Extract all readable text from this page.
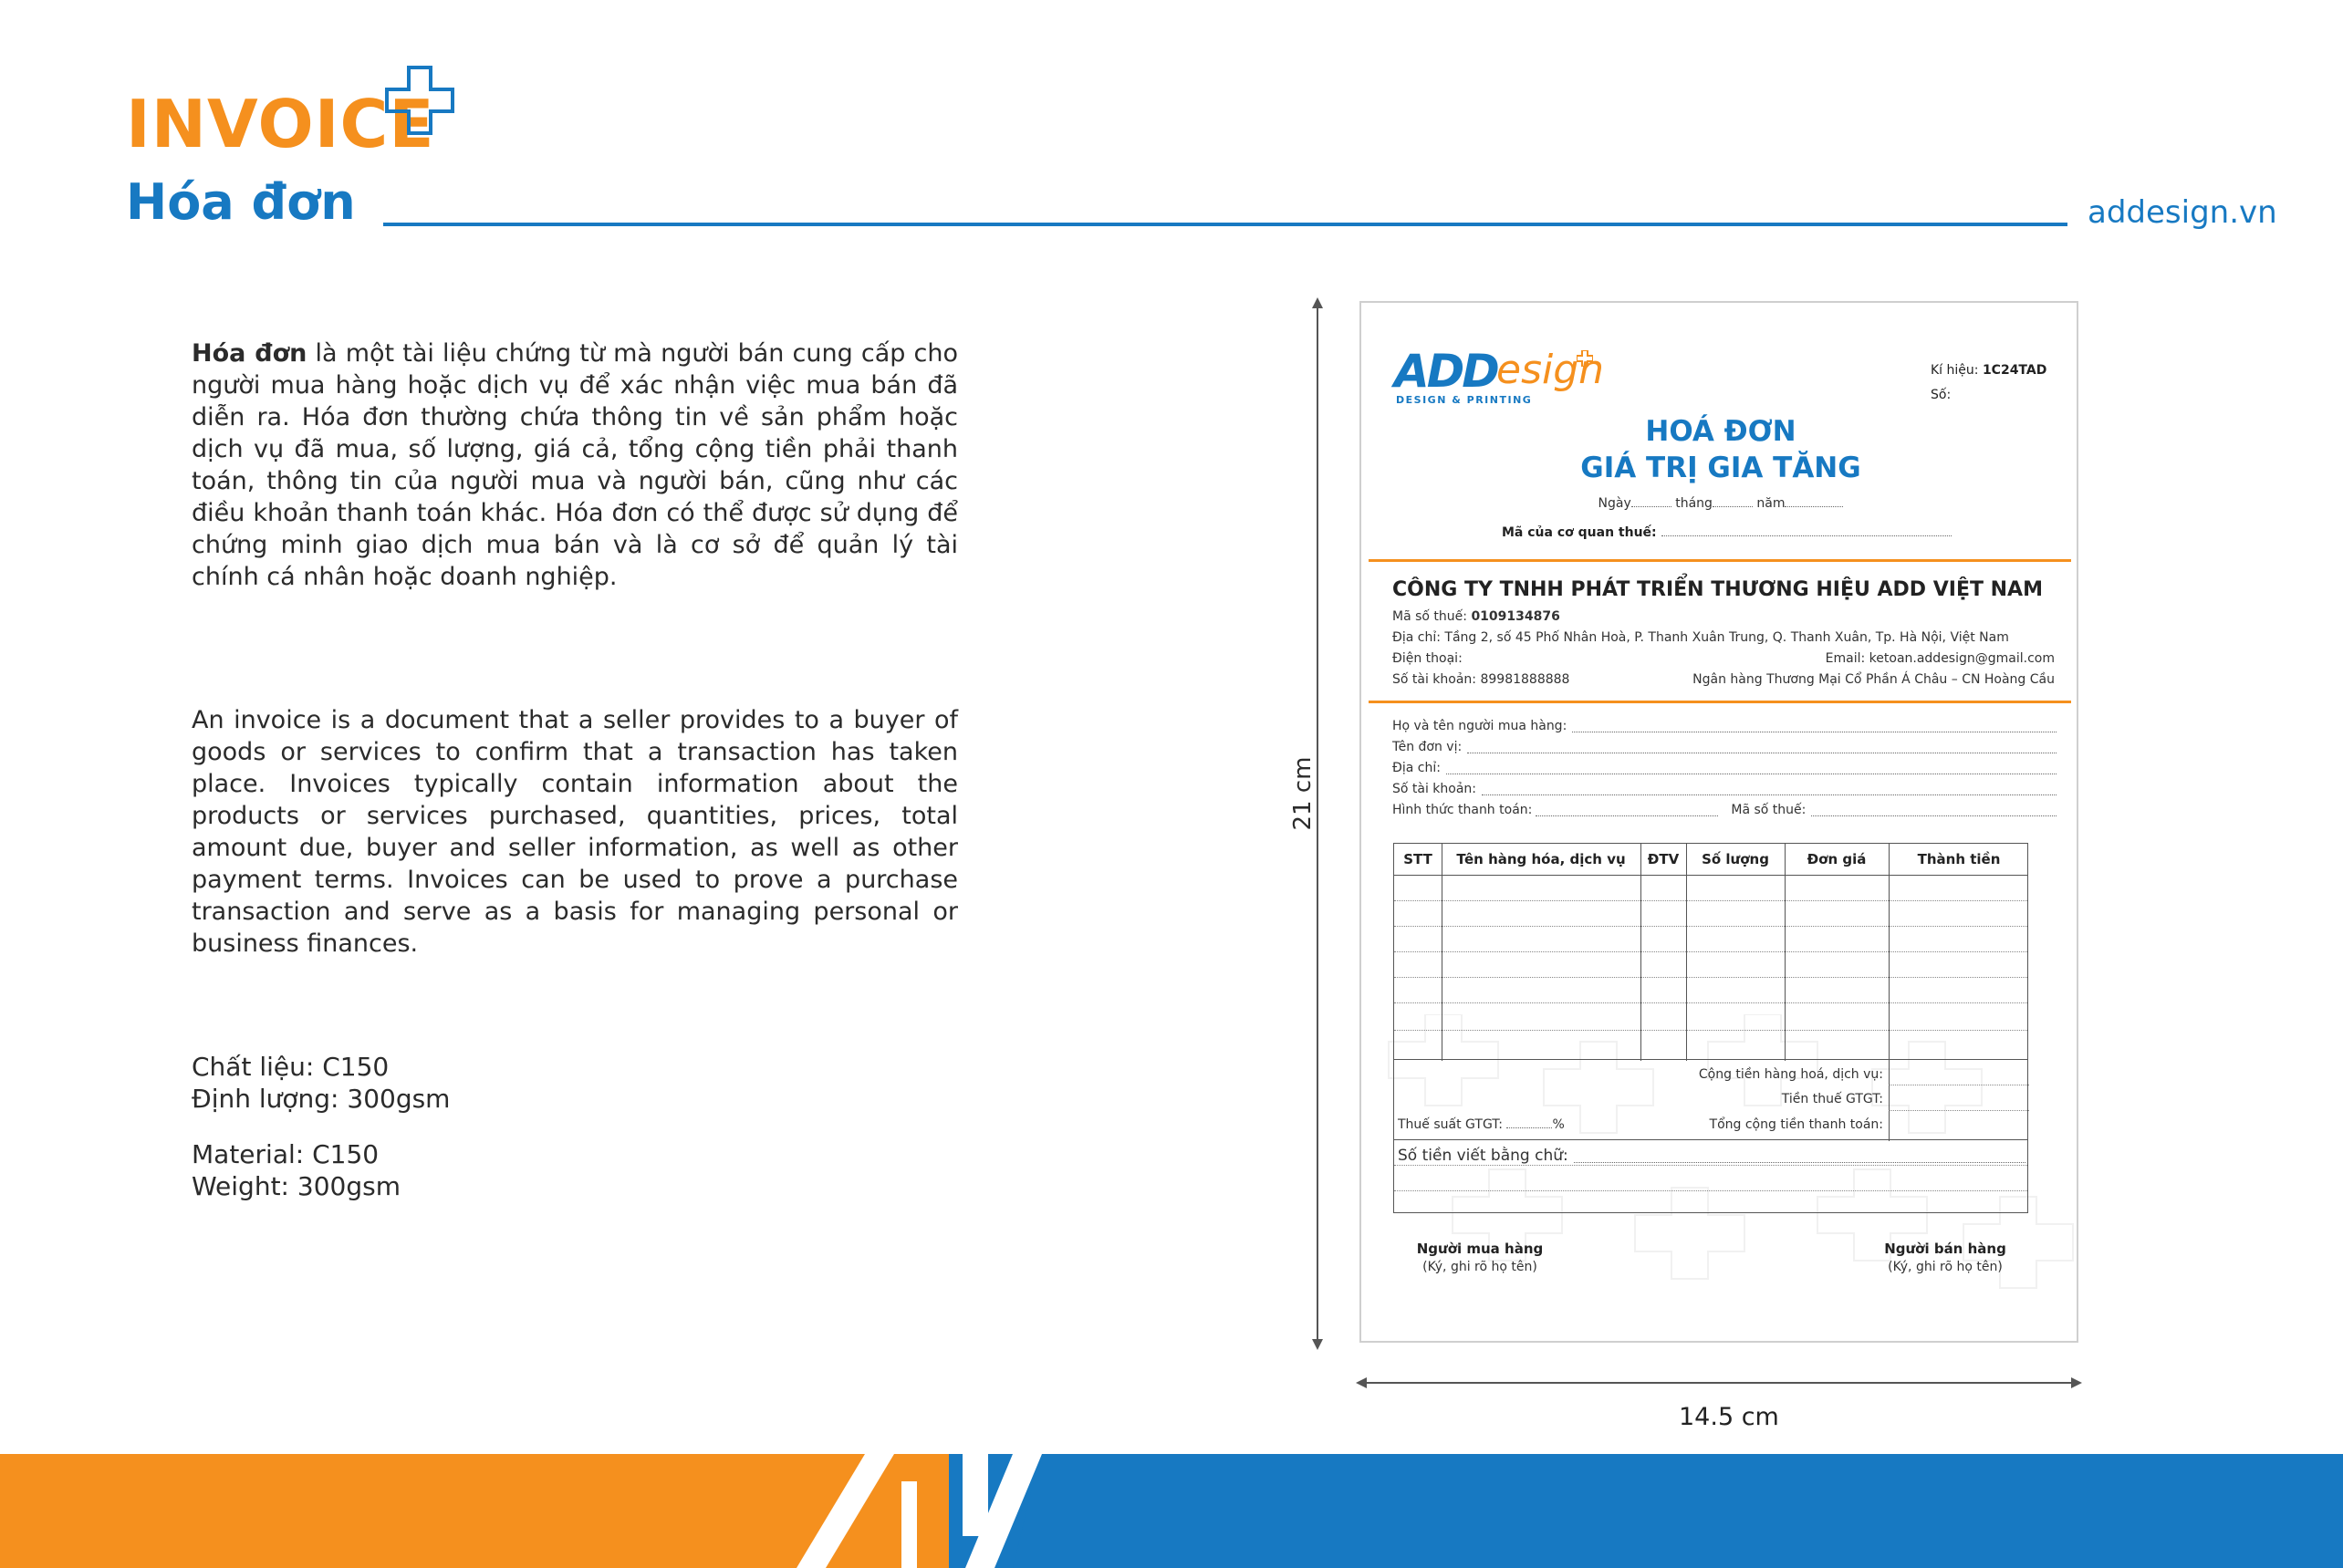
INVOICE
Hóa đơn	addesign.vn
Hóa đơn là một tài liệu chứng từ mà người bán cung cấp cho người mua hàng hoặc dịch vụ để xác nhận việc mua bán đã diễn ra. Hóa đơn thường chứa thông tin về sản phẩm hoặc dịch vụ đã mua, số lượng, giá cả, tổng cộng tiền phải thanh toán, thông tin của người mua và người bán, cũng như các điều khoản thanh toán khác. Hóa đơn có thể được sử dụng để chứng minh giao dịch mua bán và là cơ sở để quản lý tài chính cá nhân hoặc doanh nghiệp.
An invoice is a document that a seller provides to a buyer of goods or services to confirm that a transaction has taken place. Invoices typically contain information about the products or services purchased, quantities, prices, total amount due, buyer and seller information, as well as other payment terms. Invoices can be used to prove a purchase transaction and serve as a basis for managing personal or business finances.
Chất liệu: C150
Định lượng: 300gsm
Material: C150
Weight: 300gsm
21 cm
14.5 cm
ADD esign
DESIGN & PRINTING
Kí hiệu: 1C24TAD
Số:
HOÁ ĐƠN
GIÁ TRỊ GIA TĂNG
Ngày	tháng	năm
Mã của cơ quan thuế:
CÔNG TY TNHH PHÁT TRIỂN THƯƠNG HIỆU ADD VIỆT NAM
Mã số thuế: 0109134876
Địa chỉ: Tầng 2, số 45 Phố Nhân Hoà, P. Thanh Xuân Trung, Q. Thanh Xuân, Tp. Hà Nội, Việt Nam
Điện thoại:	Email: ketoan.addesign@gmail.com
Số tài khoản: 89981888888	Ngân hàng Thương Mại Cổ Phần Á Châu – CN Hoàng Cầu
Họ và tên người mua hàng:
Tên đơn vị:
Địa chỉ:
Số tài khoản:
Hình thức thanh toán:	Mã số thuế:
STT	Tên hàng hóa, dịch vụ	ĐTV	Số lượng	Đơn giá	Thành tiền
Cộng tiền hàng hoá, dịch vụ:
Tiền thuế GTGT:
Thuế suất GTGT:	%	Tổng cộng tiền thanh toán:
Số tiền viết bằng chữ:
Người mua hàng
(Ký, ghi rõ họ tên)
Người bán hàng
(Ký, ghi rõ họ tên)
